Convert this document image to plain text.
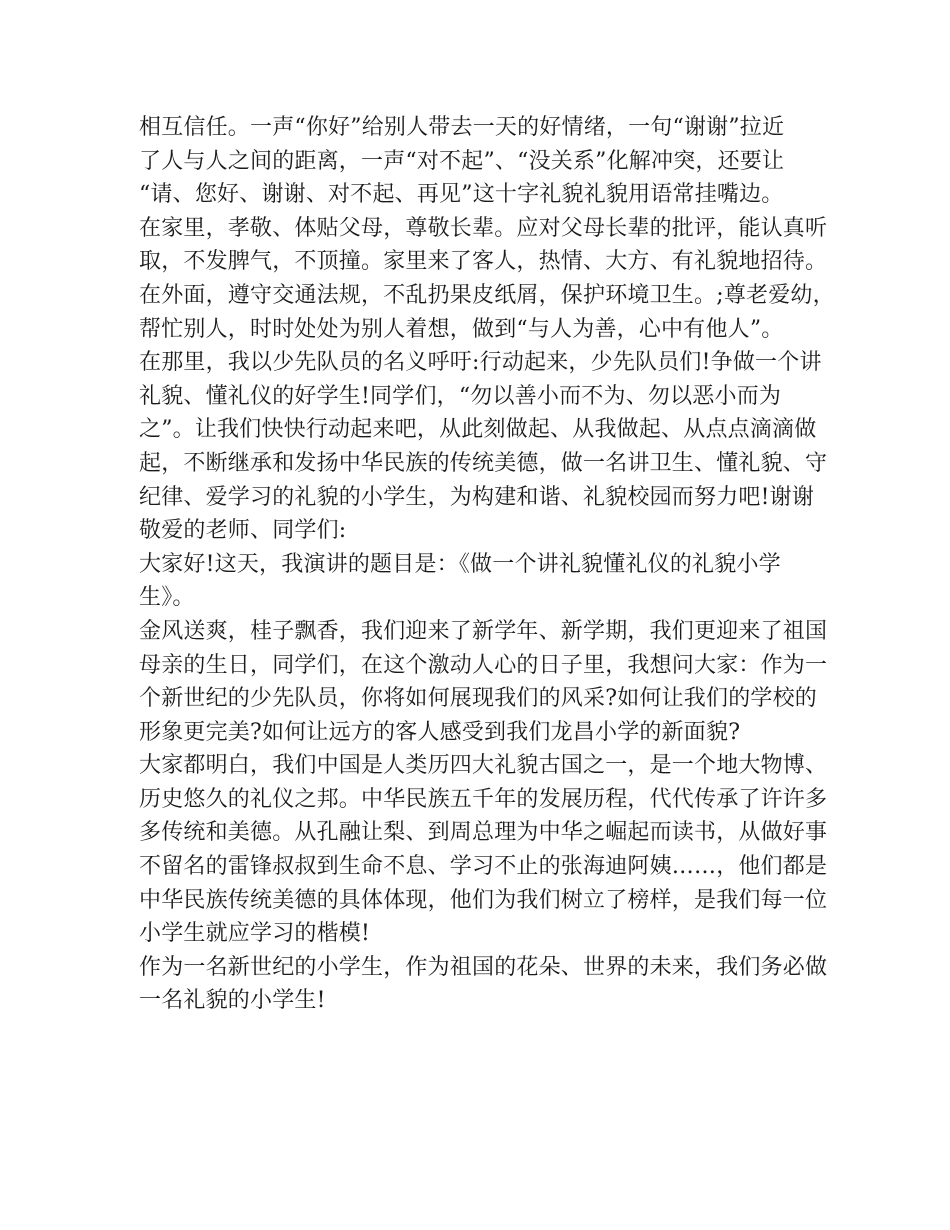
相互信任。一声“你好”给别人带去一天的好情绪，一句“谢谢”拉近
了人与人之间的距离，一声“对不起”、“没关系”化解冲突，还要让
“请、您好、谢谢、对不起、再见”这十字礼貌礼貌用语常挂嘴边。
在家里，孝敬、体贴父母，尊敬长辈。应对父母长辈的批评，能认真听
取，不发脾气，不顶撞。家里来了客人，热情、大方、有礼貌地招待。
在外面，遵守交通法规，不乱扔果皮纸屑，保护环境卫生。;尊老爱幼，
帮忙别人，时时处处为别人着想，做到“与人为善，心中有他人”。
在那里，我以少先队员的名义呼吁:行动起来，少先队员们!争做一个讲
礼貌、懂礼仪的好学生!同学们，“勿以善小而不为、勿以恶小而为
之”。让我们快快行动起来吧，从此刻做起、从我做起、从点点滴滴做
起，不断继承和发扬中华民族的传统美德，做一名讲卫生、懂礼貌、守
纪律、爱学习的礼貌的小学生，为构建和谐、礼貌校园而努力吧!谢谢
敬爱的老师、同学们:
大家好!这天，我演讲的题目是：《做一个讲礼貌懂礼仪的礼貌小学
生》。
金风送爽，桂子飘香，我们迎来了新学年、新学期，我们更迎来了祖国
母亲的生日，同学们，在这个激动人心的日子里，我想问大家：作为一
个新世纪的少先队员，你将如何展现我们的风采?如何让我们的学校的
形象更完美?如何让远方的客人感受到我们龙昌小学的新面貌?
大家都明白，我们中国是人类历四大礼貌古国之一，是一个地大物博、
历史悠久的礼仪之邦。中华民族五千年的发展历程，代代传承了许许多
多传统和美德。从孔融让梨、到周总理为中华之崛起而读书，从做好事
不留名的雷锋叔叔到生命不息、学习不止的张海迪阿姨……，他们都是
中华民族传统美德的具体体现，他们为我们树立了榜样，是我们每一位
小学生就应学习的楷模!
作为一名新世纪的小学生，作为祖国的花朵、世界的未来，我们务必做
一名礼貌的小学生!
